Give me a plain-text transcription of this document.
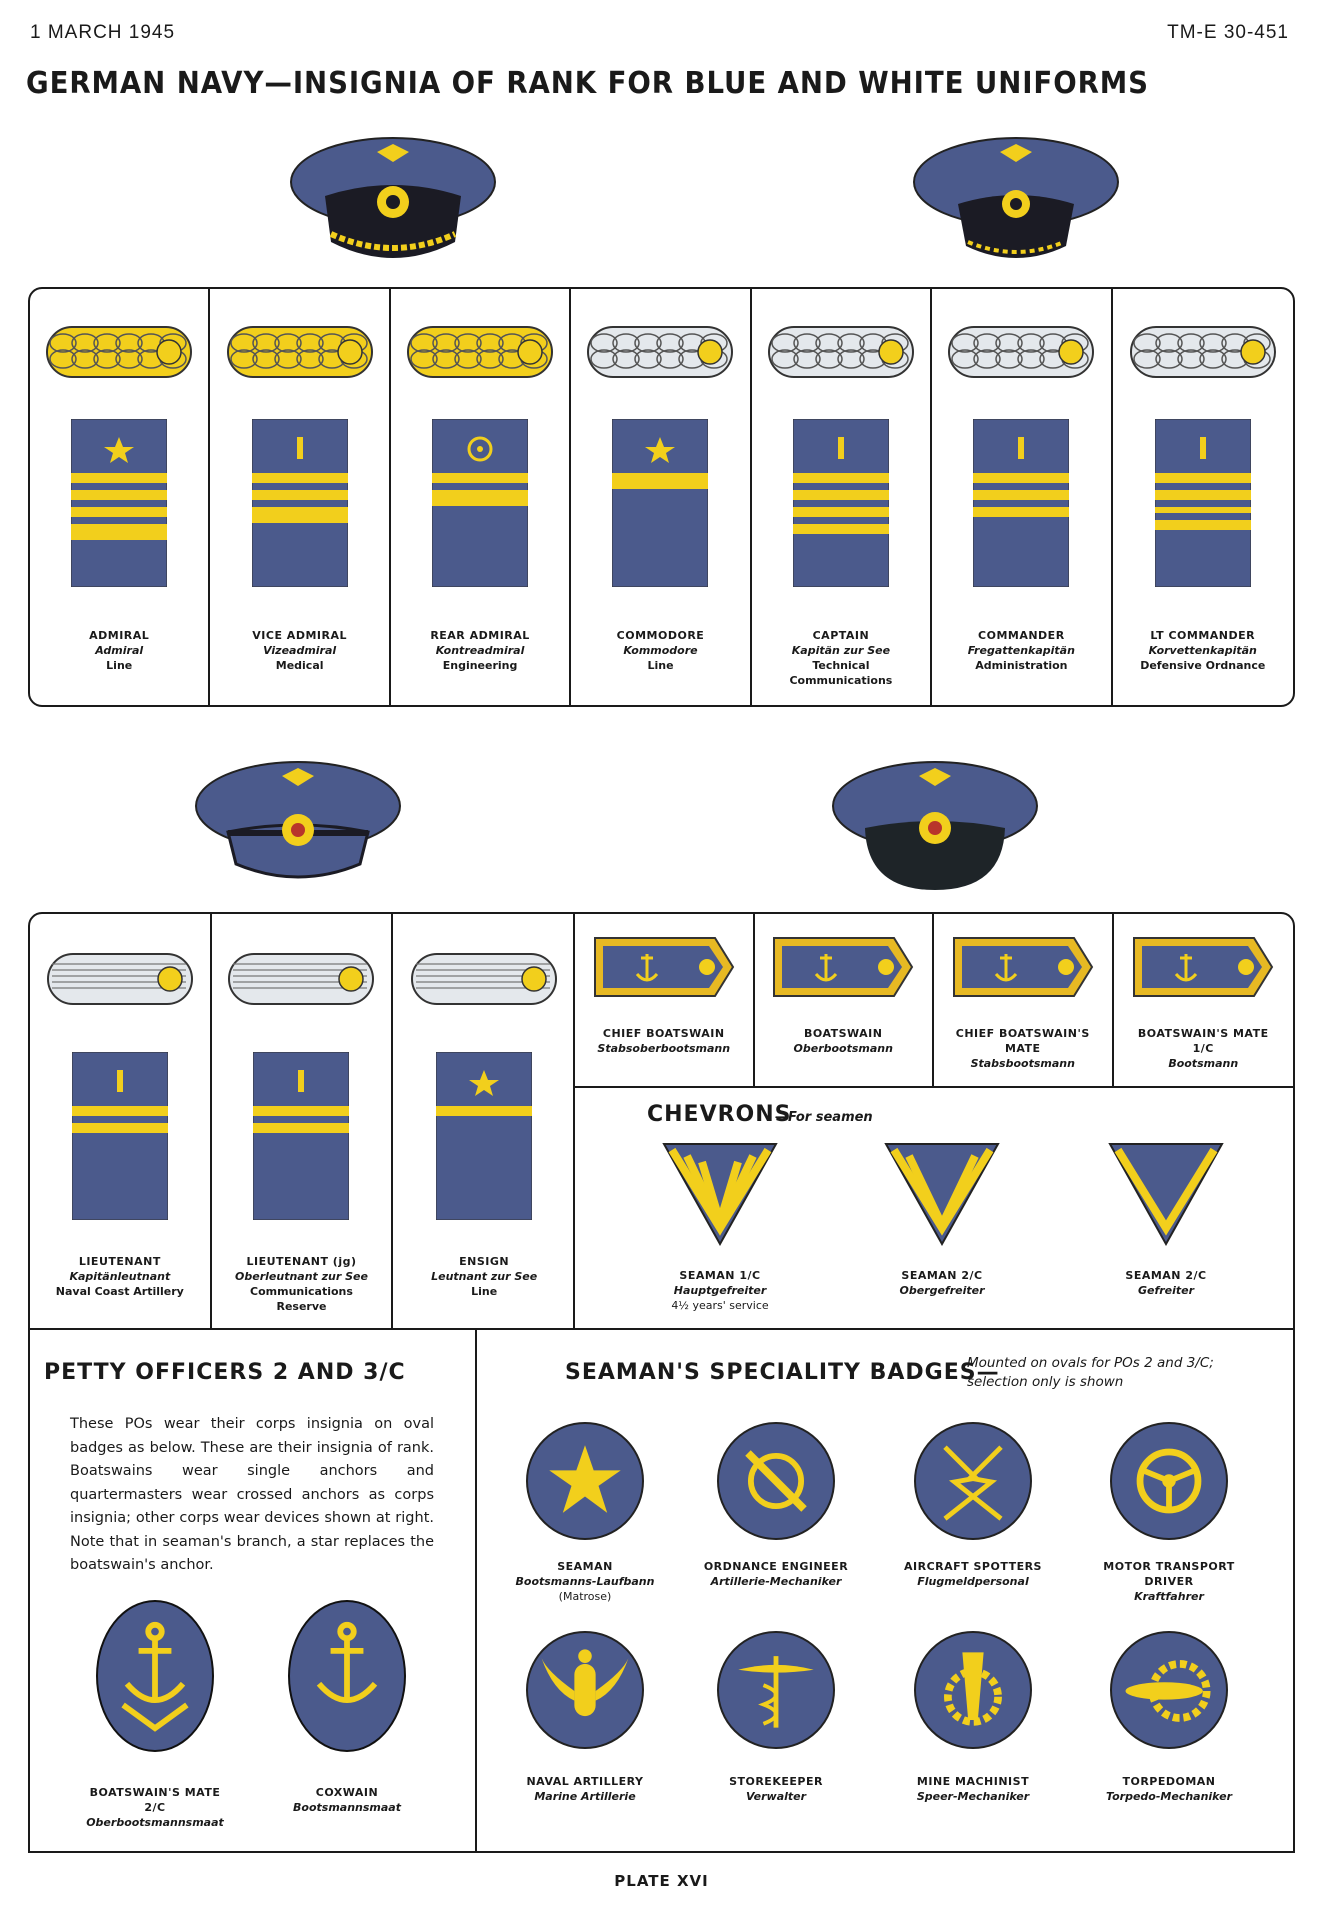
1 MARCH 1945	TM-E 30-451
GERMAN NAVY—INSIGNIA OF RANK FOR BLUE AND WHITE UNIFORMS
ADMIRAL
Admiral
Line
VICE ADMIRAL
Vizeadmiral
Medical
REAR ADMIRAL
Kontreadmiral
Engineering
COMMODORE
Kommodore
Line
CAPTAIN
Kapitän zur See
Technical
Communications
COMMANDER
Fregattenkapitän
Administration
LT COMMANDER
Korvettenkapitän
Defensive Ordnance
LIEUTENANT
Kapitänleutnant
Naval Coast Artillery
LIEUTENANT (jg)
Oberleutnant zur See
Communications
Reserve
ENSIGN
Leutnant zur See
Line
CHIEF BOATSWAIN
Stabsoberbootsmann
BOATSWAIN
Oberbootsmann
CHIEF BOATSWAIN'S
MATE
Stabsbootsmann
BOATSWAIN'S MATE
1/C
Bootsmann
CHEVRONS
—For seamen
SEAMAN 1/C
Hauptgefreiter
4½ years' service
SEAMAN 2/C
Obergefreiter
SEAMAN 2/C
Gefreiter
PETTY OFFICERS 2 AND 3/C
These POs wear their corps insignia on oval badges as below. These are their insignia of rank. Boatswains wear single anchors and quartermasters wear crossed anchors as corps insignia; other corps wear devices shown at right. Note that in seaman's branch, a star replaces the boatswain's anchor.
BOATSWAIN'S MATE
2/C
Oberbootsmannsmaat
COXWAIN
Bootsmannsmaat
SEAMAN'S SPECIALITY BADGES—
Mounted on ovals for POs 2 and 3/C; selection only is shown
SEAMAN
Bootsmanns-Laufbann
(Matrose)
ORDNANCE ENGINEER
Artillerie-Mechaniker
AIRCRAFT SPOTTERS
Flugmeldpersonal
MOTOR TRANSPORT
DRIVER
Kraftfahrer
NAVAL ARTILLERY
Marine Artillerie
STOREKEEPER
Verwalter
MINE MACHINIST
Speer-Mechaniker
TORPEDOMAN
Torpedo-Mechaniker
PLATE XVI
